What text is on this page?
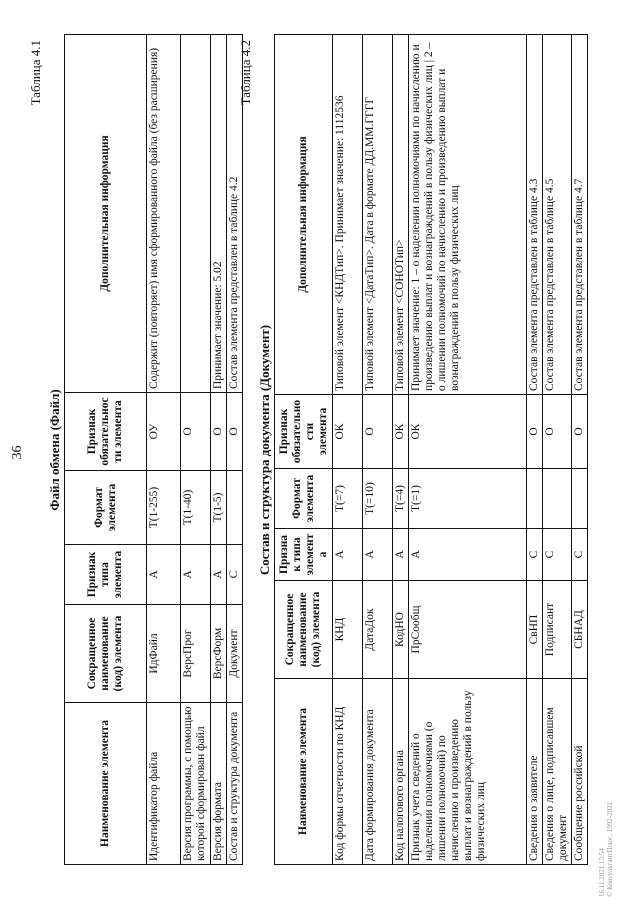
36
Таблица 4.1
Файл обмена (Файл)
Наименование элемента	Сокращенное наименование (код) элемента	Признак типа элемента	Формат элемента	Признак обязательности элемента	Дополнительная информация
Идентификатор файла	ИдФайл	А	T(1-255)	ОУ	Содержит (повторяет) имя сформированного файла (без расширения)
Версия программы, с помощью которой сформирован файл	ВерсПрог	А	T(1-40)	О	
Версия формата	ВерсФорм	А	T(1-5)	О	Принимает значение: 5.02
Состав и структура документа	Документ	С		О	Состав элемента представлен в таблице 4.2
Таблица 4.2
Состав и структура документа (Документ)
Наименование элемента	Сокращенное наименование (код) элемента	Признак типа элемента	Формат элемента	Признак обязательности элемента	Дополнительная информация
Код формы отчетности по КНД	КНД	А	T(=7)	ОК	Типовой элемент <КНДТип>. Принимает значение: 1112536
Дата формирования документа	ДатаДок	А	T(=10)	О	Типовой элемент <ДатаТип>. Дата в формате ДД.ММ.ГГГГ
Код налогового органа	КодНО	А	T(=4)	ОК	Типовой элемент <СОНОТип>
Признак учета сведений о наделении полномочиями (о лишении полномочий) по начислению и произведению выплат и вознаграждений в пользу физических лиц	ПрСообщ	А	T(=1)	ОК	Принимает значение: 1 – о наделении полномочиями по начислению и произведению выплат и вознаграждений в пользу физических лиц | 2 – о лишении полномочий по начислению и произведению выплат и вознаграждений в пользу физических лиц
Сведения о заявителе	СвНП	С		О	Состав элемента представлен в таблице 4.3
Сведения о лице, подписавшем документ	Подписант	С		О	Состав элемента представлен в таблице 4.5
Сообщение российской	СБНАД	С		О	Состав элемента представлен в таблице 4.7
16.11.2021 13:54 © КонсультантПлюс, 1992-2021
